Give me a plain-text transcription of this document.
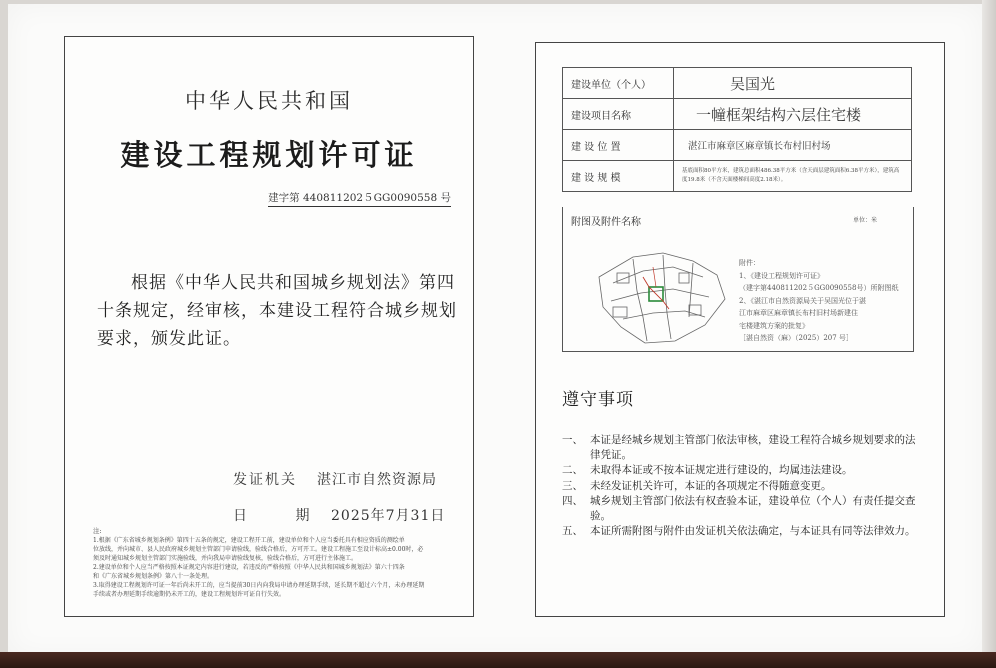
中华人民共和国
建设工程规划许可证
建字第 440811202５GG0090558 号
根据《中华人民共和国城乡规划法》第四十条规定，经审核，本建设工程符合城乡规划要求，颁发此证。
发证机关 湛江市自然资源局
日 期 2025年7月31日
注:
1.根据《广东省城乡规划条例》第四十五条的规定，建设工程开工前，建设单位和个人应当委托具有相应资质的测绘单
位放线，并向城市、县人民政府城乡规划主管部门申请验线，验线合格后，方可开工。建设工程施工至设计标高±0.00时，必
须及时通知城乡规划主管部门实施验线，并向我局申请验线复核，验线合格后，方可进行主体施工。
2.建设单位和个人应当严格按照本证规定内容进行建设，若违反的严格按照《中华人民共和国城乡规划法》第六十四条
和《广东省城乡规划条例》第八十一条处理。
3.取得建设工程规划许可证一年后尚未开工的，应当提前30日内向我局申请办理延期手续，延长期不超过六个月，未办理延期
手续或者办理延期手续逾期仍未开工的，建设工程规划许可证自行失效。
建设单位（个人）	吴国光
建设项目名称	一幢框架结构六层住宅楼
建 设 位 置	湛江市麻章区麻章镇长布村旧村场
建 设 规 模	基底面积80平方米，建筑总面积486.38平方米（含天面层建筑面积6.38平方米），建筑高度19.8米（不含天面楼梯间高度2.18米）。
附图及附件名称	单位：米
附件：
1、《建设工程规划许可证》
（建字第440811202５GG0090558号）所附图纸
2、《湛江市自然资源局关于吴国光位于湛
江市麻章区麻章镇长布村旧村场新建住
宅楼建筑方案的批复》
［湛自然资（麻）（2025）207 号］
遵守事项
一、 本证是经城乡规划主管部门依法审核，建设工程符合城乡规划要求的法律凭证。
二、 未取得本证或不按本证规定进行建设的，均属违法建设。
三、 未经发证机关许可，本证的各项规定不得随意变更。
四、 城乡规划主管部门依法有权查验本证，建设单位（个人）有责任提交查验。
五、 本证所需附图与附件由发证机关依法确定，与本证具有同等法律效力。
